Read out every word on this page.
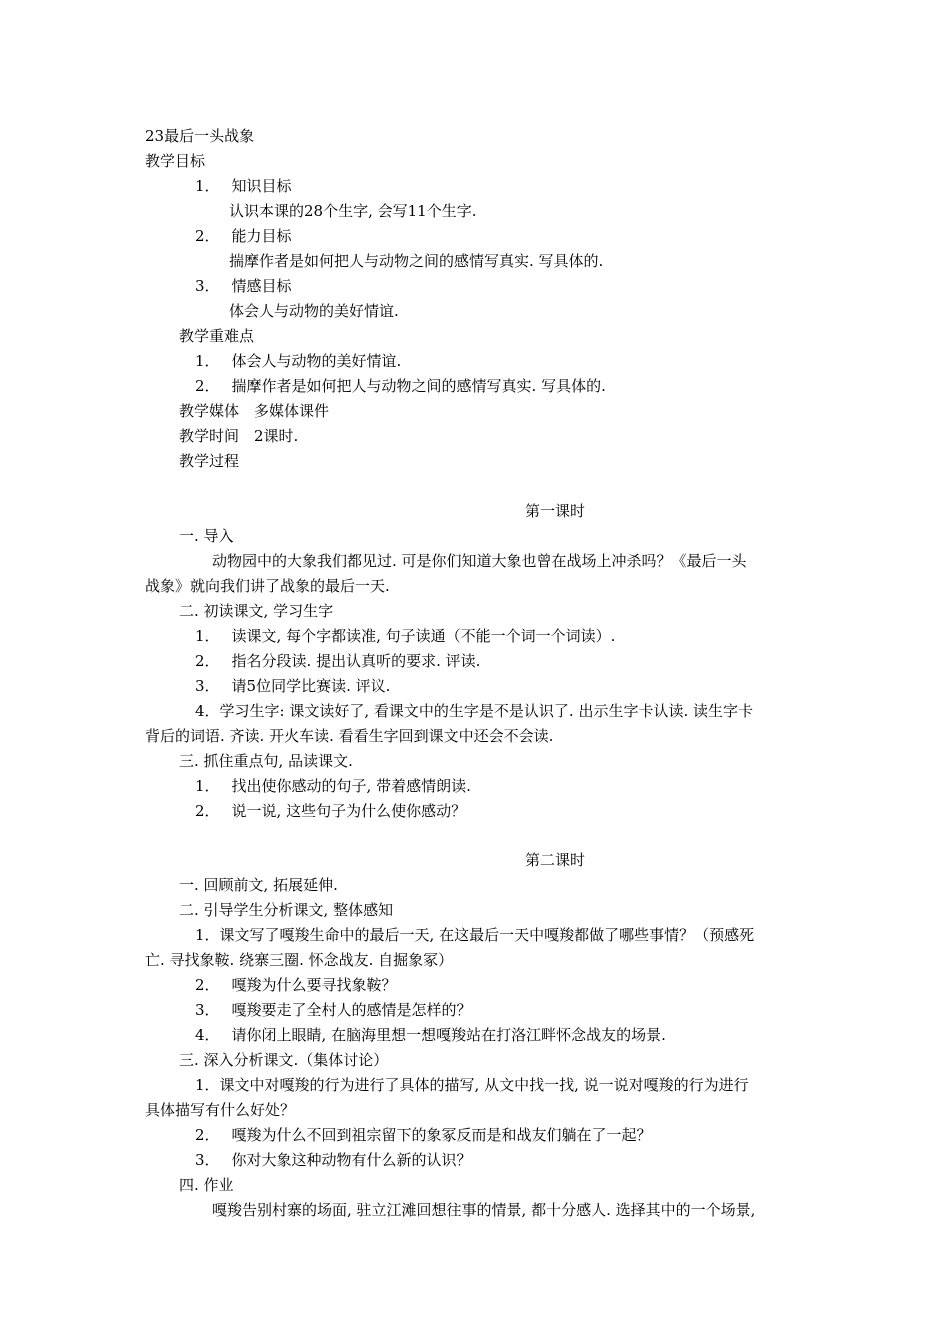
23最后一头战象
教学目标
1． 知识目标
认识本课的28个生字, 会写11个生字.
2． 能力目标
揣摩作者是如何把人与动物之间的感情写真实. 写具体的.
3． 情感目标
体会人与动物的美好情谊.
教学重难点
1． 体会人与动物的美好情谊.
2． 揣摩作者是如何把人与动物之间的感情写真实. 写具体的.
教学媒体　多媒体课件
教学时间　2课时.
教学过程
第一课时
一. 导入
动物园中的大象我们都见过. 可是你们知道大象也曾在战场上冲杀吗？《最后一头
战象》就向我们讲了战象的最后一天.
二. 初读课文, 学习生字
1． 读课文, 每个字都读准, 句子读通（不能一个词一个词读）.
2． 指名分段读. 提出认真听的要求. 评读.
3． 请5位同学比赛读. 评议.
4．学习生字: 课文读好了, 看课文中的生字是不是认识了. 出示生字卡认读. 读生字卡
背后的词语. 齐读. 开火车读. 看看生字回到课文中还会不会读.
三. 抓住重点句, 品读课文.
1． 找出使你感动的句子, 带着感情朗读.
2． 说一说, 这些句子为什么使你感动？
第二课时
一. 回顾前文, 拓展延伸.
二. 引导学生分析课文, 整体感知
1．课文写了嘎羧生命中的最后一天, 在这最后一天中嘎羧都做了哪些事情？（预感死
亡. 寻找象鞍. 绕寨三圈. 怀念战友. 自掘象冢）
2． 嘎羧为什么要寻找象鞍？
3． 嘎羧要走了全村人的感情是怎样的？
4． 请你闭上眼睛, 在脑海里想一想嘎羧站在打洛江畔怀念战友的场景.
三. 深入分析课文.（集体讨论）
1．课文中对嘎羧的行为进行了具体的描写, 从文中找一找, 说一说对嘎羧的行为进行
具体描写有什么好处？
2． 嘎羧为什么不回到祖宗留下的象冢反而是和战友们躺在了一起？
3． 你对大象这种动物有什么新的认识？
四. 作业
嘎羧告别村寨的场面, 驻立江滩回想往事的情景, 都十分感人. 选择其中的一个场景,
